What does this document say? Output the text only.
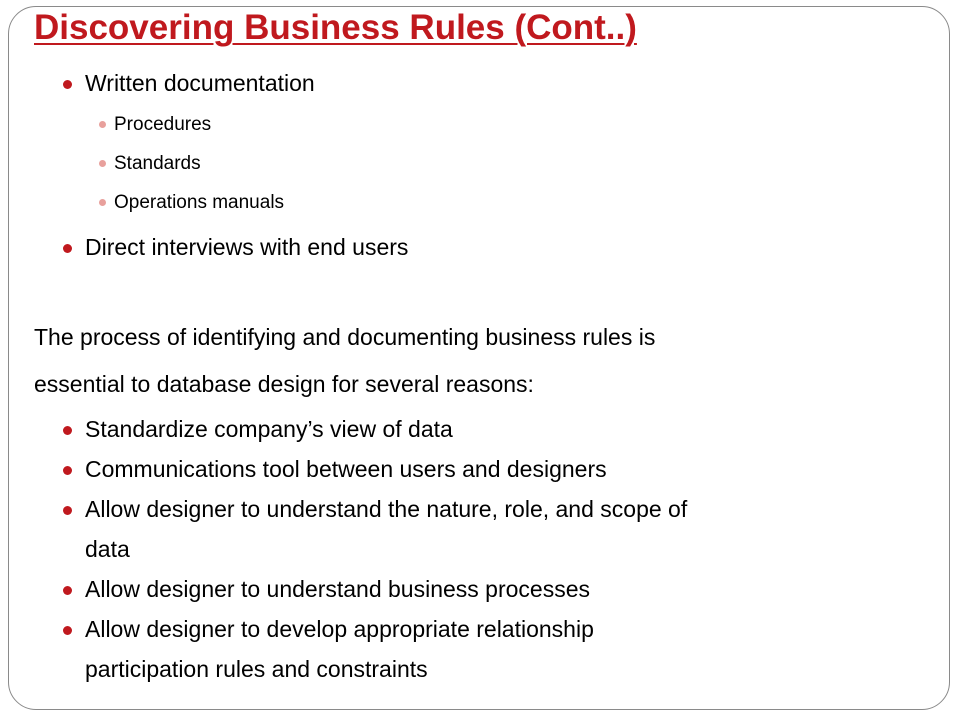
Discovering Business Rules (Cont..)
Written documentation
Procedures
Standards
Operations manuals
Direct interviews with end users
The process of identifying and documenting business rules is
essential to database design for several reasons:
Standardize company’s view of data
Communications tool between users and designers
Allow designer to understand the nature, role, and scope of
data
Allow designer to understand business processes
Allow designer to develop appropriate relationship
participation rules and constraints
